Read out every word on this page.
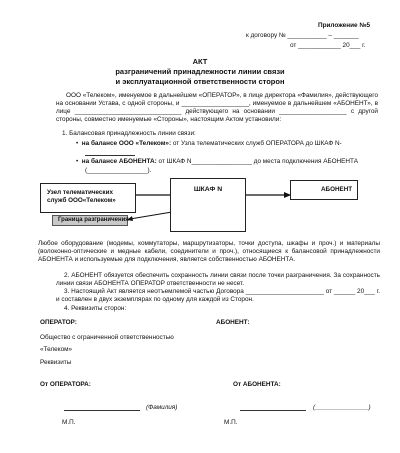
Приложение №5
к договору № ___________ – _______
от ____________ 20___ г.
АКТ
разграничений принадлежности линии связи
и эксплуатационной ответственности сторон
ООО «Телеком», именуемое в дальнейшем «ОПЕРАТОР», в лице директора «Фамилия», действующего на основании Устава, с одной стороны, и ___________________, именуемое в дальнейшем «АБОНЕНТ», в лице ______________________________ действующего на основании ___________________ с другой стороны, совместно именуемые «Стороны», настоящим Актом установили:
1. Балансовая принадлежность линии связи:
•  на балансе ООО «Телеком»: от Узла телематических служб ОПЕРАТОРА до ШКАФ N-
•  на балансе АБОНЕНТА: от ШКАФ N_________________ до места подключения АБОНЕНТА
(_________________).
Узел телематических служб ООО«Телеком»
ШКАФ N	АБОНЕНТ
Граница разграничения
Любое оборудование (модемы, коммутаторы, маршрутизаторы, точки доступа, шкафы и проч.) и материалы (волоконно-оптические и медные кабели, соединители и проч.), относящиеся к балансовой принадлежности АБОНЕНТА и используемые для подключения, является собственностью АБОНЕНТА.
2. АБОНЕНТ обязуется обеспечить сохранность линии связи после точки разграничения. За сохранность линии связи АБОНЕНТА ОПЕРАТОР ответственности не несет.
3. Настоящий Акт является неотъемлемой частью Договора ______________________ от ______ 20___ г. и составлен в двух экземплярах по одному для каждой из Сторон.
4. Реквизиты сторон:
ОПЕРАТОР:
Общество с ограниченной ответственностью
«Телеком»
Реквизиты
АБОНЕНТ:
От ОПЕРАТОРА:	От АБОНЕНТА:
(Фамилия)	(_______________)
М.П.	М.П.
